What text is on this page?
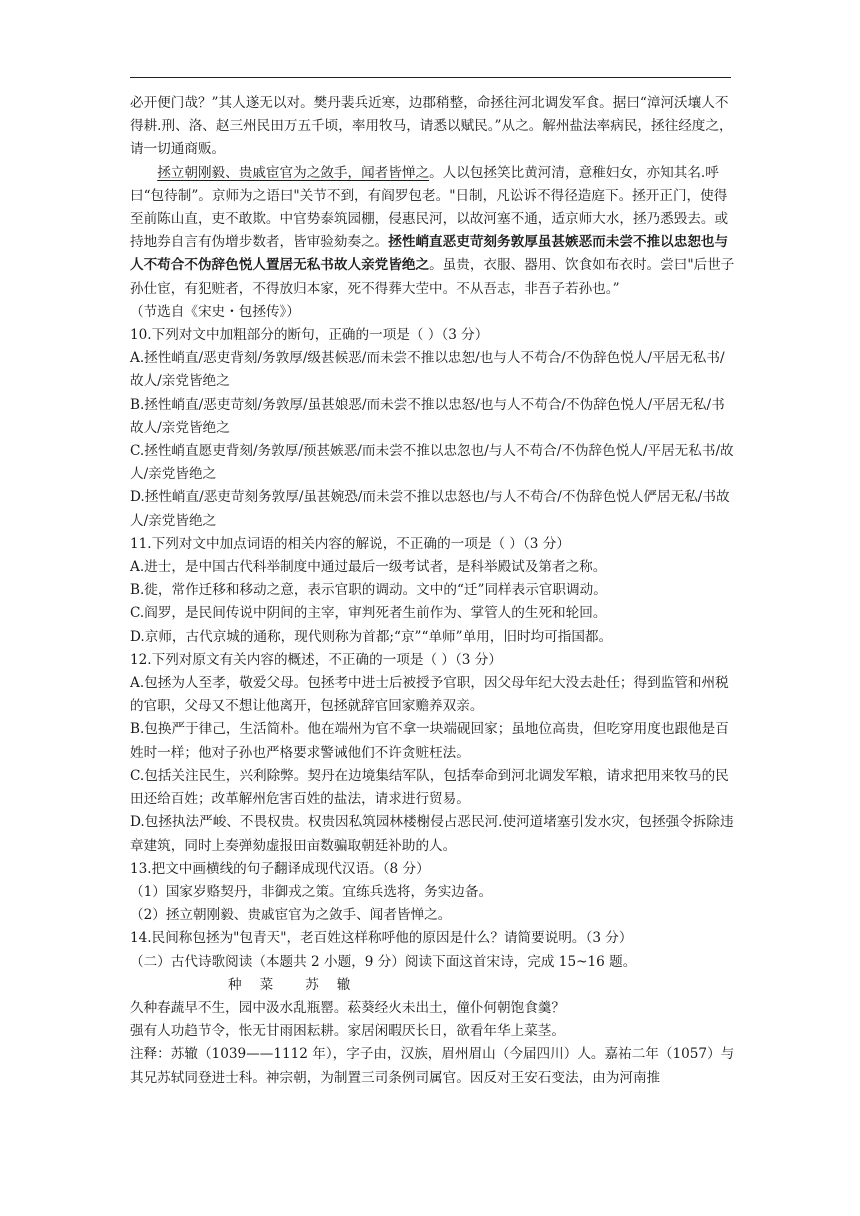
必开便门哉？”其人遂无以对。樊丹裴兵近寒，边郡稍整，命拯往河北调发军食。据曰“漳河沃壤人不得耕.刑、洛、赵三州民田万五千顷，率用牧马，请悉以赋民。”从之。解州盐法率病民，拯往经度之，请一切通商贩。

拯立朝刚毅、贵戚宦官为之敛手，闻者皆惮之。人以包拯笑比黄河清，意稚妇女，亦知其名.呼曰“包待制”。京师为之语曰"关节不到，有阎罗包老。"日制，凡讼诉不得径造庭下。拯开正门，使得至前陈山直，吏不敢欺。中官势泰筑园棚，侵惠民河，以故河塞不通，适京师大水，拯乃悉毁去。或持地券自言有伪增步数者，皆审验劾奏之。拯性峭直恶吏苛刻务敦厚虽甚嫉恶而未尝不推以忠恕也与人不苟合不伪辞色悦人置居无私书故人亲党皆绝之。虽贵，衣服、器用、饮食如布衣时。尝曰"后世子孙仕宦，有犯赃者，不得放归本家，死不得葬大茔中。不从吾志，非吾子若孙也。”

（节选自《宋史・包拯传》）

10.下列对文中加粗部分的断句，正确的一项是（ ）（3 分）

A.拯性峭直/恶吏背刻/务敦厚/级甚候恶/而未尝不推以忠恕/也与人不苟合/不伪辞色悦人/平居无私书/故人/亲党皆绝之

B.拯性峭直/恶吏苛刻/务敦厚/虽甚娘恶/而未尝不推以忠怒/也与人不苟合/不伪辞色悦人/平居无私/书故人/亲党皆绝之

C.拯性峭直愿吏背刻/务敦厚/预甚嫉恶/而未尝不推以忠忽也/与人不苟合/不伪辞色悦人/平居无私书/故人/亲党皆绝之

D.拯性峭直/恶吏苛刻务敦厚/虽甚婉恐/而未尝不推以忠怒也/与人不苟合/不伪辞色悦人俨居无私/书故人/亲党皆绝之

11.下列对文中加点词语的相关内容的解说，不正确的一项是（ ）（3 分）

A.进士，是中国古代科举制度中通过最后一级考试者，是科举殿试及第者之称。

B.徙，常作迁移和移动之意，表示官职的调动。文中的“迁”同样表示官职调动。

C.阎罗，是民间传说中阴间的主宰，审判死者生前作为、掌管人的生死和轮回。

D.京师，古代京城的通称，现代则称为首都;“京”“单师”单用，旧时均可指国都。

12.下列对原文有关内容的概述，不正确的一项是（ ）（3 分）

A.包拯为人至孝，敬爱父母。包拯考中进士后被授予官职，因父母年纪大没去赴任；得到监管和州税的官职，父母又不想让他离开，包拯就辞官回家赡养双亲。

B.包换严于律己，生活简朴。他在端州为官不拿一块端砚回家；虽地位高贵，但吃穿用度也跟他是百姓时一样；他对子孙也严格要求警诫他们不许贪赃枉法。

C.包括关注民生，兴利除弊。契丹在边境集结军队，包括奉命到河北调发军粮，请求把用来牧马的民田还给百姓；改革解州危害百姓的盐法，请求进行贸易。

D.包拯执法严峻、不畏权贵。权贵因私筑园林楼榭侵占恶民河.使河道堵塞引发水灾，包拯强令拆除违章建筑，同时上奏弹劾虚报田亩数骗取朝廷补助的人。

13.把文中画横线的句子翻译成现代汉语。（8 分）

（1）国家岁赂契丹，非御戎之策。宜练兵选将，务实边备。

（2）拯立朝刚毅、贵戚宦官为之敛手、闻者皆惮之。

14.民间称包拯为"包青天"，老百姓这样称呼他的原因是什么？请简要说明。（3 分）

（二）古代诗歌阅读（本题共 2 小题，9 分）阅读下面这首宋诗，完成 15~16 题。

种菜 苏辙

久种春蔬早不生，园中汲水乱瓶罂。菘葵经火未出土，僮仆何朝饱食羹？

强有人功趋节令，怅无甘雨困耘耕。家居闲暇厌长日，欲看年华上菜茎。

注释：苏辙（1039——1112 年），字子由，汉族，眉州眉山（今届四川）人。嘉祐二年（1057）与其兄苏轼同登进士科。神宗朝，为制置三司条例司属官。因反对王安石变法，由为河南推
